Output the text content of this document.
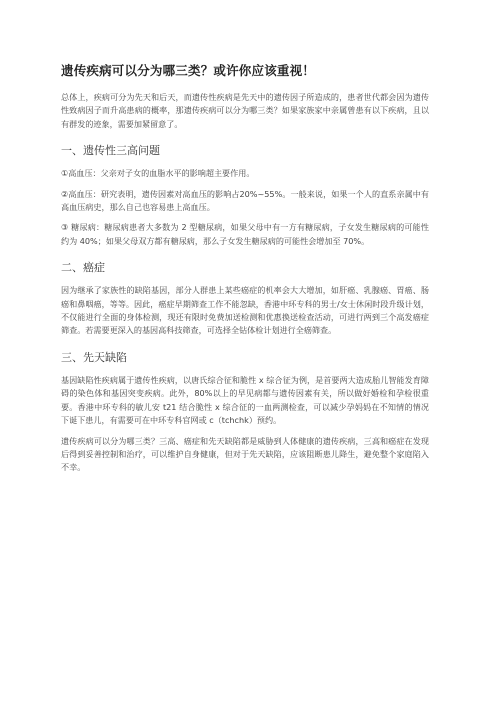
遗传疾病可以分为哪三类？或许你应该重视！

总体上，疾病可分为先天和后天，而遗传性疾病是先天中的遗传因子所造成的，患者世代都会因为遗传性致病因子而升高患病的概率，那遗传疾病可以分为哪三类？如果家族家中亲属曾患有以下疾病，且以有群发的迹象，需要加紧留意了。

一、遗传性三高问题

①高血压：父亲对子女的血脂水平的影响超主要作用。

②高血压：研究表明，遗传因素对高血压的影响占20%~55%。一般来说，如果一个人的直系亲属中有高血压病史，那么自己也容易患上高血压。

③ 糖尿病：糖尿病患者大多数为 2 型糖尿病，如果父母中有一方有糖尿病，子女发生糖尿病的可能性约为 40%；如果父母双方都有糖尿病，那么子女发生糖尿病的可能性会增加至 70%。

二、癌症

因为继承了家族性的缺陷基因，部分人群患上某些癌症的机率会大大增加，如肝癌、乳腺癌、胃癌、肠癌和鼻咽癌，等等。因此，癌症早期筛查工作不能忽缺，香港中环专科的男士/女士休闲时段升级计划，不仅能进行全面的身体检测，现还有限时免费加送检测和优惠换送检查活动，可进行两到三个高发癌症筛查。若需要更深入的基因高科技筛查，可选择全钻体检计划进行全癌筛查。

三、先天缺陷

基因缺陷性疾病属于遗传性疾病，以唐氏综合征和脆性 x 综合征为例，是首要两大造成胎儿智能发育障碍的染色体和基因突变疾病。此外，80%以上的早见病都与遗传因素有关，所以做好婚检和孕检很重要。香港中环专科的敏儿安 t21 结合脆性 x 综合征的一血两测检查，可以减少孕妈妈在不知情的情况下诞下患儿，有需要可在中环专科官网或 c（tchchk）预约。

遗传疾病可以分为哪三类？三高、癌症和先天缺陷都是威胁到人体健康的遗传疾病，三高和癌症在发现后得到妥善控制和治疗，可以维护自身健康，但对于先天缺陷，应该阻断患儿降生，避免整个家庭陷入不幸。
